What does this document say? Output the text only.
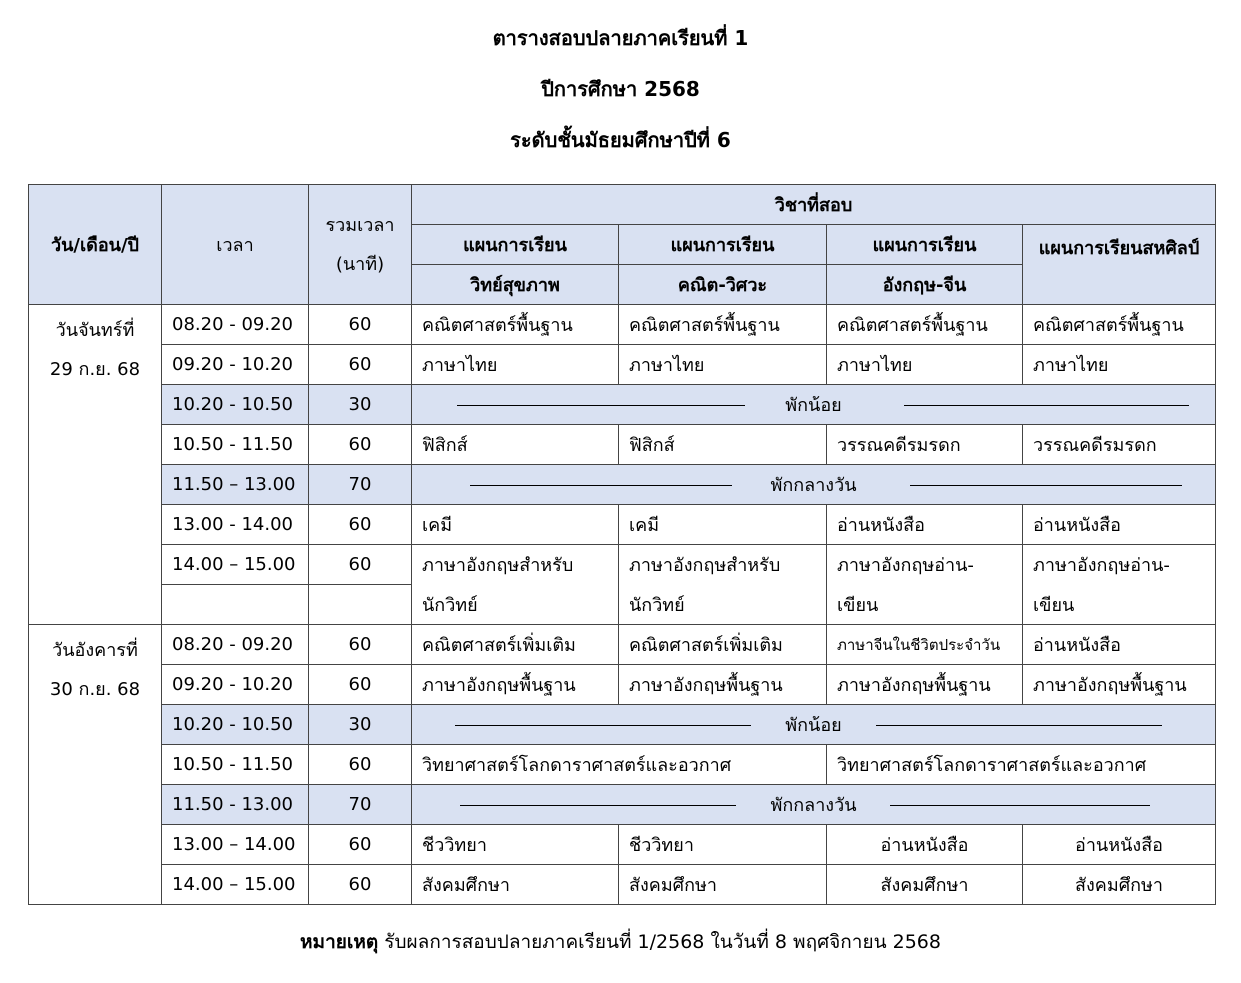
ตารางสอบปลายภาคเรียนที่ 1
ปีการศึกษา 2568
ระดับชั้นมัธยมศึกษาปีที่ 6
วัน/เดือน/ปี	เวลา	รวมเวลา
(นาที)	วิชาที่สอบ			
			แผนการเรียน	แผนการเรียน	แผนการเรียน	แผนการเรียนสหศิลป์
			วิทย์สุขภาพ	คณิต-วิศวะ	อังกฤษ-จีน	
วันจันทร์ที่
29 ก.ย. 68	08.20 - 09.20	60	คณิตศาสตร์พื้นฐาน	คณิตศาสตร์พื้นฐาน	คณิตศาสตร์พื้นฐาน	คณิตศาสตร์พื้นฐาน
	09.20 - 10.20	60	ภาษาไทย	ภาษาไทย	ภาษาไทย	ภาษาไทย
	10.20 - 10.50	30	พักน้อย			

	10.50 - 11.50	60	ฟิสิกส์	ฟิสิกส์	วรรณคดีรมรดก	วรรณคดีรมรดก
	11.50 – 13.00	70	พักกลางวัน			

	13.00 - 14.00	60	เคมี	เคมี	อ่านหนังสือ	อ่านหนังสือ
	14.00 – 15.00	60	ภาษาอังกฤษสำหรับ	ภาษาอังกฤษสำหรับ	ภาษาอังกฤษอ่าน-	ภาษาอังกฤษอ่าน-
			นักวิทย์	นักวิทย์	เขียน	เขียน
วันอังคารที่
30 ก.ย. 68	08.20 - 09.20	60	คณิตศาสตร์เพิ่มเติม	คณิตศาสตร์เพิ่มเติม	ภาษาจีนในชีวิตประจำวัน	อ่านหนังสือ
	09.20 - 10.20	60	ภาษาอังกฤษพื้นฐาน	ภาษาอังกฤษพื้นฐาน	ภาษาอังกฤษพื้นฐาน	ภาษาอังกฤษพื้นฐาน
	10.20 - 10.50	30	พักน้อย			

	10.50 - 11.50	60	วิทยาศาสตร์โลกดาราศาสตร์และอวกาศ		วิทยาศาสตร์โลกดาราศาสตร์และอวกาศ	
	11.50 - 13.00	70	พักกลางวัน			

	13.00 – 14.00	60	ชีววิทยา	ชีววิทยา	อ่านหนังสือ	อ่านหนังสือ
	14.00 – 15.00	60	สังคมศึกษา	สังคมศึกษา	สังคมศึกษา	สังคมศึกษา
หมายเหตุ รับผลการสอบปลายภาคเรียนที่ 1/2568 ในวันที่ 8 พฤศจิกายน 2568
